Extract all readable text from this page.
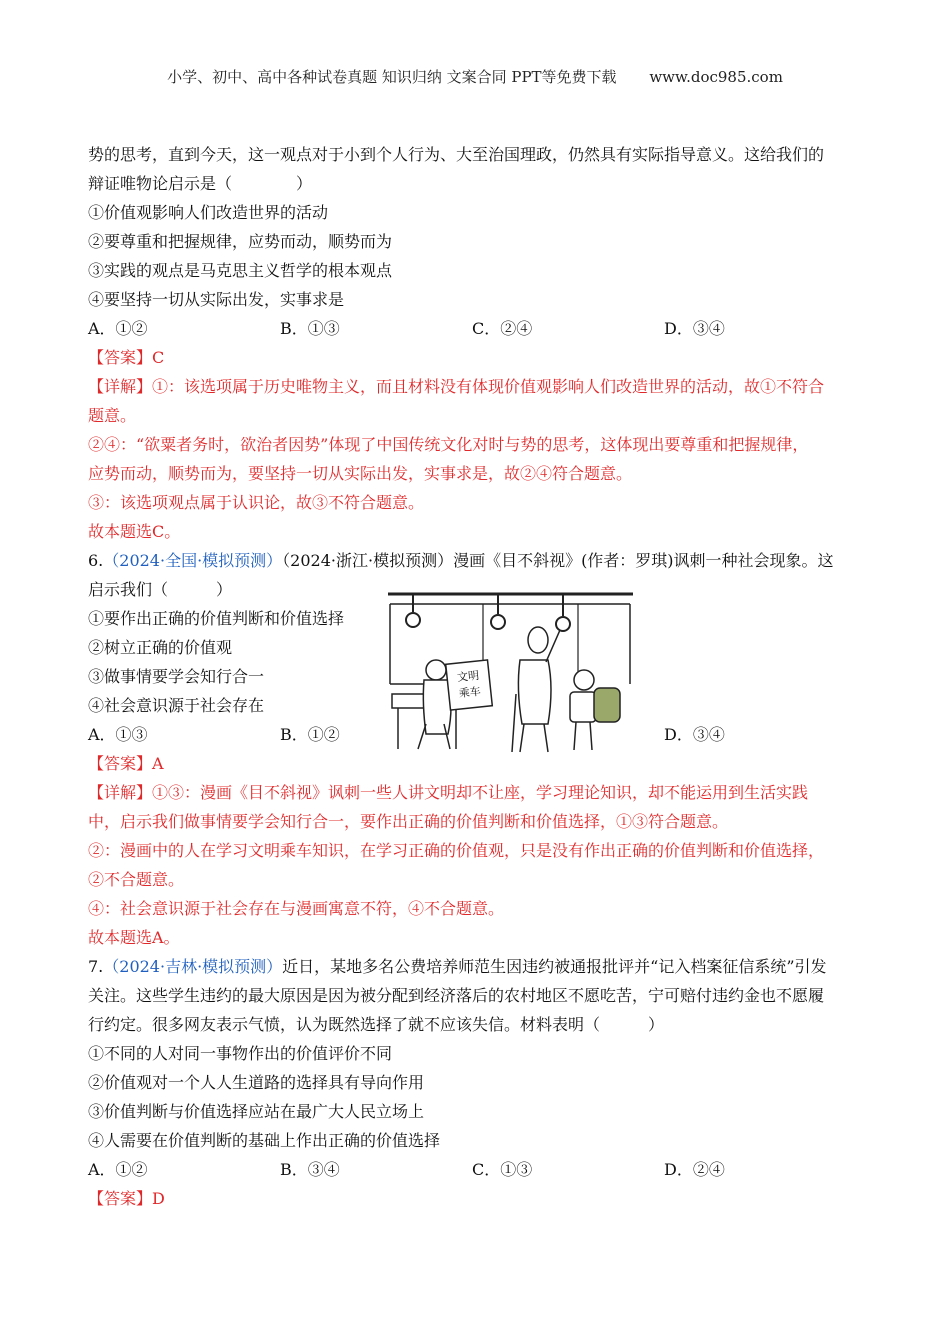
小学、初中、高中各种试卷真题 知识归纳 文案合同 PPT等免费下载 www.doc985.com
势的思考，直到今天，这一观点对于小到个人行为、大至治国理政，仍然具有实际指导意义。这给我们的
辩证唯物论启示是（　　　　）
①价值观影响人们改造世界的活动
②要尊重和把握规律，应势而动，顺势而为
③实践的观点是马克思主义哲学的根本观点
④要坚持一切从实际出发，实事求是
A．①②	B．①③	C．②④	D．③④
【答案】C
【详解】①：该选项属于历史唯物主义，而且材料没有体现价值观影响人们改造世界的活动，故①不符合
题意。
②④：“欲粟者务时，欲治者因势”体现了中国传统文化对时与势的思考，这体现出要尊重和把握规律，
应势而动，顺势而为，要坚持一切从实际出发，实事求是，故②④符合题意。
③：该选项观点属于认识论，故③不符合题意。
故本题选C。
6.（2024·全国·模拟预测）（2024·浙江·模拟预测）漫画《目不斜视》(作者：罗琪)讽刺一种社会现象。这
启示我们（　　　）
①要作出正确的价值判断和价值选择
②树立正确的价值观
③做事情要学会知行合一
④社会意识源于社会存在
A．①③	B．①②	D．③④
【答案】A
【详解】①③：漫画《目不斜视》讽刺一些人讲文明却不让座，学习理论知识，却不能运用到生活实践
中，启示我们做事情要学会知行合一，要作出正确的价值判断和价值选择，①③符合题意。
②：漫画中的人在学习文明乘车知识，在学习正确的价值观，只是没有作出正确的价值判断和价值选择，
②不合题意。
④：社会意识源于社会存在与漫画寓意不符，④不合题意。
故本题选A。
7.（2024·吉林·模拟预测）近日，某地多名公费培养师范生因违约被通报批评并“记入档案征信系统”引发
关注。这些学生违约的最大原因是因为被分配到经济落后的农村地区不愿吃苦，宁可赔付违约金也不愿履
行约定。很多网友表示气愤，认为既然选择了就不应该失信。材料表明（　　　）
①不同的人对同一事物作出的价值评价不同
②价值观对一个人人生道路的选择具有导向作用
③价值判断与价值选择应站在最广大人民立场上
④人需要在价值判断的基础上作出正确的价值选择
A．①②	B．③④	C．①③	D．②④
【答案】D
文明
乘车
